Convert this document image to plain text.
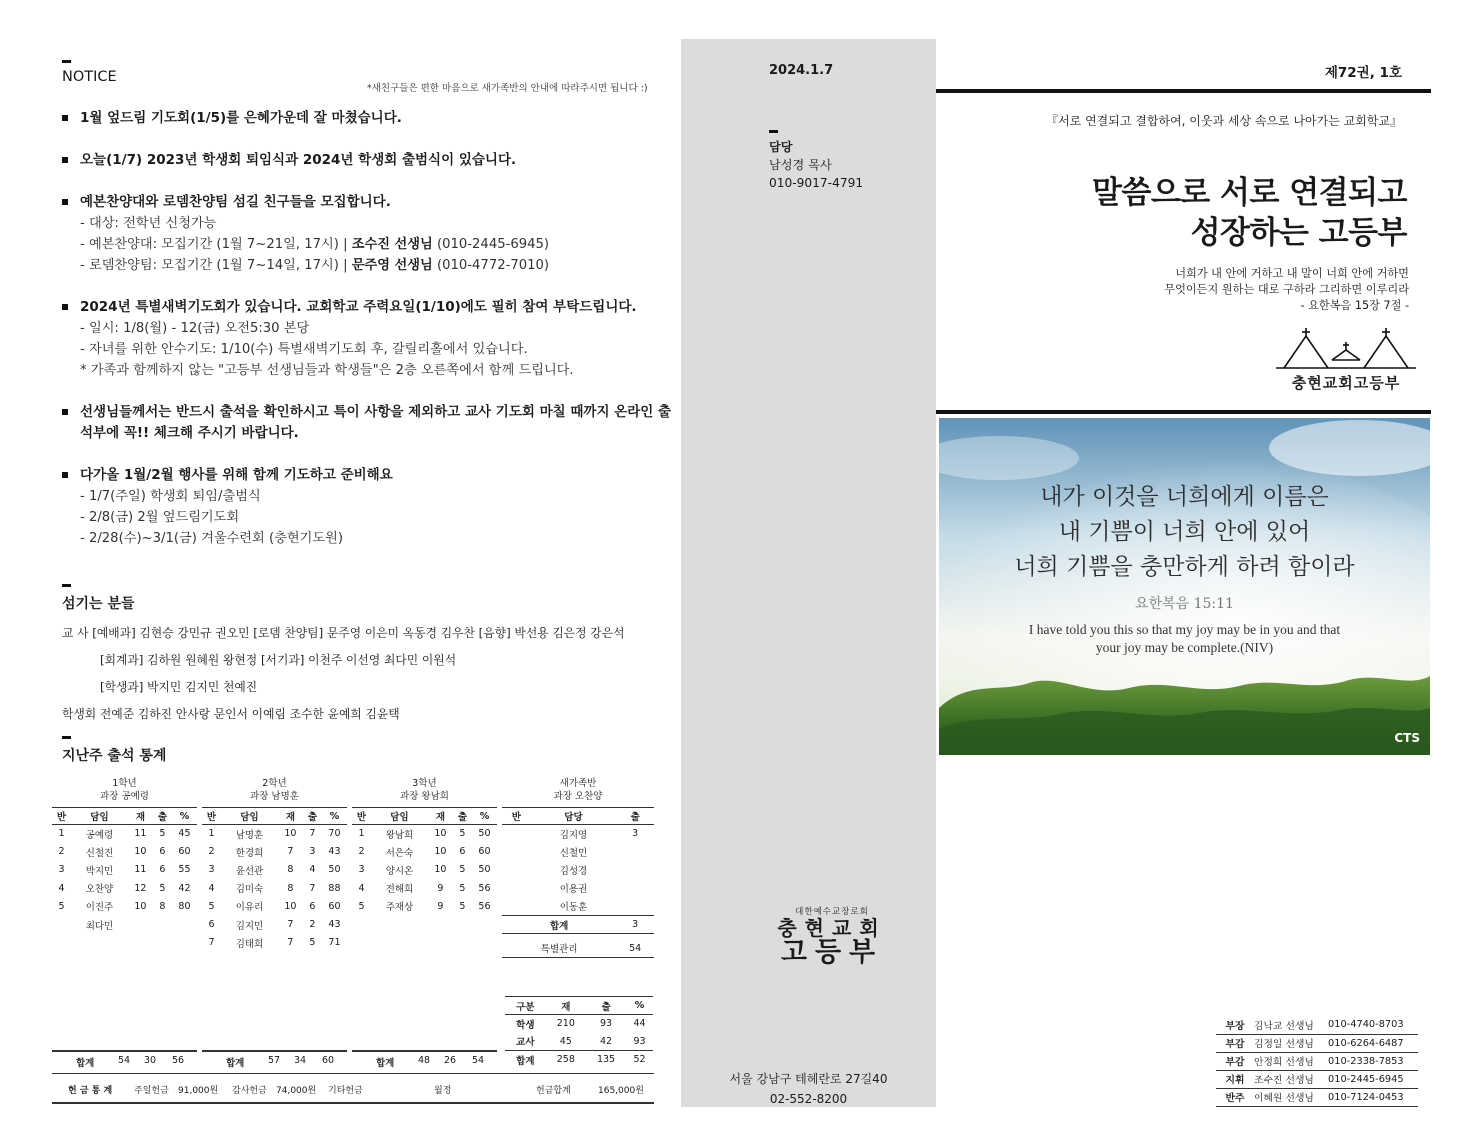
NOTICE
*새친구들은 편한 마음으로 새가족반의 안내에 따라주시면 됩니다 :)
1월 엎드림 기도회(1/5)를 은혜가운데 잘 마쳤습니다.
오늘(1/7) 2023년 학생회 퇴임식과 2024년 학생회 출범식이 있습니다.
예본찬양대와 로뎀찬양팀 섬길 친구들을 모집합니다.
- 대상: 전학년 신청가능
- 예본찬양대: 모집기간 (1월 7~21일, 17시) | 조수진 선생님 (010-2445-6945)
- 로뎀찬양팀: 모집기간 (1월 7~14일, 17시) | 문주영 선생님 (010-4772-7010)
2024년 특별새벽기도회가 있습니다. 교회학교 주력요일(1/10)에도 필히 참여 부탁드립니다.
- 일시: 1/8(월) - 12(금) 오전5:30 본당
- 자녀를 위한 안수기도: 1/10(수) 특별새벽기도회 후, 갈릴리홀에서 있습니다.
* 가족과 함께하지 않는 "고등부 선생님들과 학생들"은 2층 오른쪽에서 함께 드립니다.
선생님들께서는 반드시 출석을 확인하시고 특이 사항을 제외하고 교사 기도회 마칠 때까지 온라인 출석부에 꼭!! 체크해 주시기 바랍니다.
다가올 1월/2월 행사를 위해 함께 기도하고 준비해요
- 1/7(주일) 학생회 퇴임/출범식
- 2/8(금) 2월 엎드림기도회
- 2/28(수)~3/1(금) 겨울수련회 (충현기도원)
섬기는 분들
교 사 [예배과] 김현승 강민규 권오민 [로뎀 찬양팀] 문주영 이은미 옥동경 김우찬 [음향] 박선용 김은정 강은석
[회계과] 김하원 원혜원 왕현정 [서기과] 이천주 이선영 최다민 이원석
[학생과] 박지민 김지민 천예진
학생회 전예준 김하진 안사랑 문인서 이예림 조수한 윤예희 김윤택
지난주 출석 통계
1학년
과장 공예령
반	담임	재	출	%
1	공예령	11	5	45
2	신철진	10	6	60
3	박지민	11	6	55
4	오찬양	12	5	42
5	이진주	10	8	80
	최다민			
2학년
과장 남명훈
반	담임	재	출	%
1	남명훈	10	7	70
2	한경희	7	3	43
3	윤선관	8	4	50
4	김미숙	8	7	88
5	이유리	10	6	60
6	김지민	7	2	43
7	김태희	7	5	71
3학년
과장 왕남희
반	담임	재	출	%
1	왕남희	10	5	50
2	서은숙	10	6	60
3	양시온	10	5	50
4	전해희	9	5	56
5	주재상	9	5	56
새가족반
과장 오찬양
반	담당	출
	김지영	3
	신철민	
	김성경	
	이용권	
	이동훈	
합계		3

특별관리		54
합계 54 30 56	합계 57 34 60	합계 48 26 54
구분	재	출	%
학생	210	93	44
교사	45	42	93
합계	258	135	52
헌 금 통 계 주일헌금 91,000원 감사헌금 74,000원 기타헌금	월정	헌금합계	165,000원
2024.1.7
담당
남성경 목사
010-9017-4791
대한예수교장로회
충현교회
고등부
서울 강남구 테헤란로 27길40
02-552-8200
제72권, 1호
『서로 연결되고 결합하여, 이웃과 세상 속으로 나아가는 교회학교』
말씀으로 서로 연결되고
성장하는 고등부
너희가 내 안에 거하고 내 말이 너희 안에 거하면
무엇이든지 원하는 대로 구하라 그리하면 이루리라
- 요한복음 15장 7절 -
충현교회고등부
내가 이것을 너희에게 이름은
내 기쁨이 너희 안에 있어
너희 기쁨을 충만하게 하려 함이라
요한복음 15:11
I have told you this so that my joy may be in you and that
your joy may be complete.(NIV)
CTS
부장	김낙교 선생님	010-4740-8703
부감	김정일 선생님	010-6264-6487
부감	안정희 선생님	010-2338-7853
지휘	조수진 선생님	010-2445-6945
반주	이혜원 선생님	010-7124-0453
